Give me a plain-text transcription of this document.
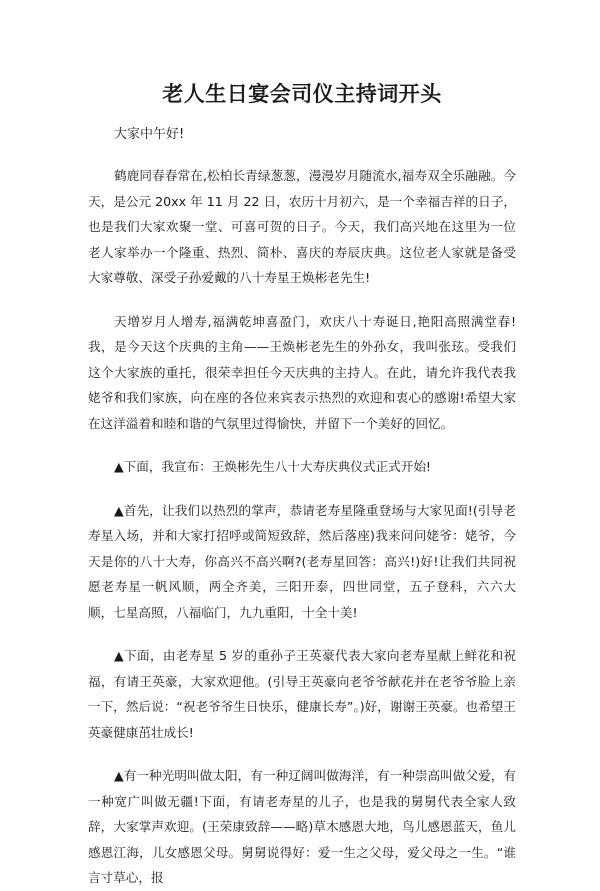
老人生日宴会司仪主持词开头

大家中午好!

鹤鹿同春春常在,松柏长青绿葱葱，漫漫岁月随流水,福寿双全乐融融。今天，是公元 20xx 年 11 月 22 日，农历十月初六，是一个幸福吉祥的日子，也是我们大家欢聚一堂、可喜可贺的日子。今天，我们高兴地在这里为一位老人家举办一个隆重、热烈、简朴、喜庆的寿辰庆典。这位老人家就是备受大家尊敬、深受子孙爱戴的八十寿星王焕彬老先生!

天增岁月人增寿,福满乾坤喜盈门，欢庆八十寿诞日,艳阳高照满堂春!我，是今天这个庆典的主角——王焕彬老先生的外孙女，我叫张玹。受我们这个大家族的重托，很荣幸担任今天庆典的主持人。在此，请允许我代表我姥爷和我们家族，向在座的各位来宾表示热烈的欢迎和衷心的感谢!希望大家在这洋溢着和睦和谐的气氛里过得愉快，并留下一个美好的回忆。

▲下面，我宣布：王焕彬先生八十大寿庆典仪式正式开始!

▲首先，让我们以热烈的掌声，恭请老寿星隆重登场与大家见面!(引导老寿星入场，并和大家打招呼或简短致辞，然后落座)我来问问姥爷：姥爷，今天是你的八十大寿，你高兴不高兴啊?(老寿星回答：高兴!)好!让我们共同祝愿老寿星一帆风顺，两全齐美，三阳开泰，四世同堂，五子登科，六六大顺，七星高照，八福临门，九九重阳，十全十美!

▲下面，由老寿星 5 岁的重孙子王英豪代表大家向老寿星献上鲜花和祝福，有请王英豪，大家欢迎他。(引导王英豪向老爷爷献花并在老爷爷脸上亲一下，然后说：“祝老爷爷生日快乐，健康长寿”。)好，谢谢王英豪。也希望王英豪健康茁壮成长!

▲有一种光明叫做太阳，有一种辽阔叫做海洋，有一种崇高叫做父爱，有一种宽广叫做无疆!下面，有请老寿星的儿子，也是我的舅舅代表全家人致辞，大家掌声欢迎。(王荣康致辞——略)草木感恩大地，鸟儿感恩蓝天，鱼儿感恩江海，儿女感恩父母。舅舅说得好：爱一生之父母，爱父母之一生。“谁言寸草心，报
